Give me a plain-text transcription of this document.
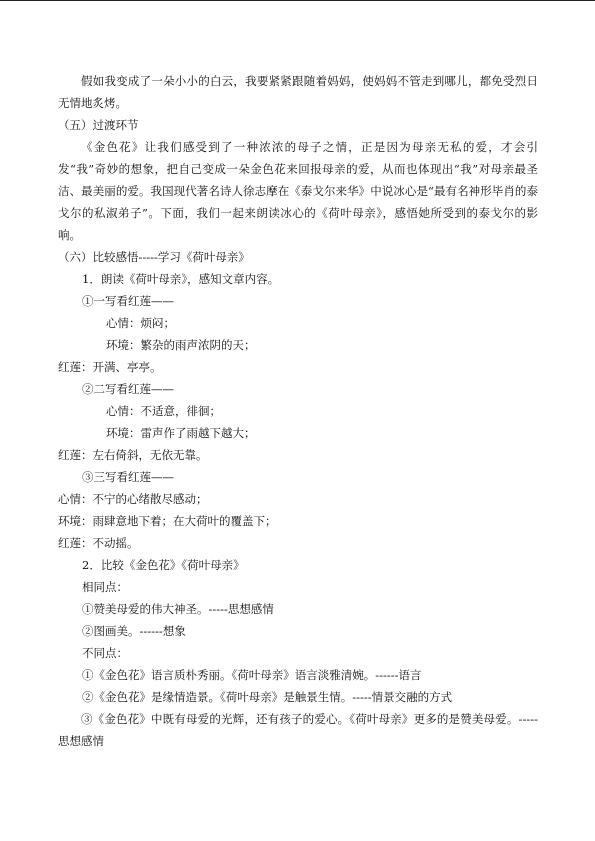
假如我变成了一朵小小的白云，我要紧紧跟随着妈妈，使妈妈不管走到哪儿，都免受烈日无情地炙烤。

（五）过渡环节

《金色花》让我们感受到了一种浓浓的母子之情，正是因为母亲无私的爱，才会引发“我”奇妙的想象，把自己变成一朵金色花来回报母亲的爱，从而也体现出“我”对母亲最圣洁、最美丽的爱。我国现代著名诗人徐志摩在《泰戈尔来华》中说冰心是“最有名神形毕肖的泰戈尔的私淑弟子”。下面，我们一起来朗读冰心的《荷叶母亲》，感悟她所受到的泰戈尔的影响。

（六）比较感悟-----学习《荷叶母亲》

1．朗读《荷叶母亲》，感知文章内容。

①一写看红莲——

心情：烦闷；

环境：繁杂的雨声浓阴的天；

红莲：开满、亭亭。

②二写看红莲——

心情：不适意，徘徊；

环境：雷声作了雨越下越大；

红莲：左右倚斜，无依无靠。

③三写看红莲——

心情：不宁的心绪散尽感动；

环境：雨肆意地下着；在大荷叶的覆盖下；

红莲：不动摇。

2．比较《金色花》《荷叶母亲》

相同点：

①赞美母爱的伟大神圣。-----思想感情

②图画美。------想象

不同点：

①《金色花》语言质朴秀丽。《荷叶母亲》语言淡雅清婉。------语言

②《金色花》是缘情造景。《荷叶母亲》是触景生情。-----情景交融的方式

③《金色花》中既有母爱的光辉，还有孩子的爱心。《荷叶母亲》更多的是赞美母爱。-----思想感情
